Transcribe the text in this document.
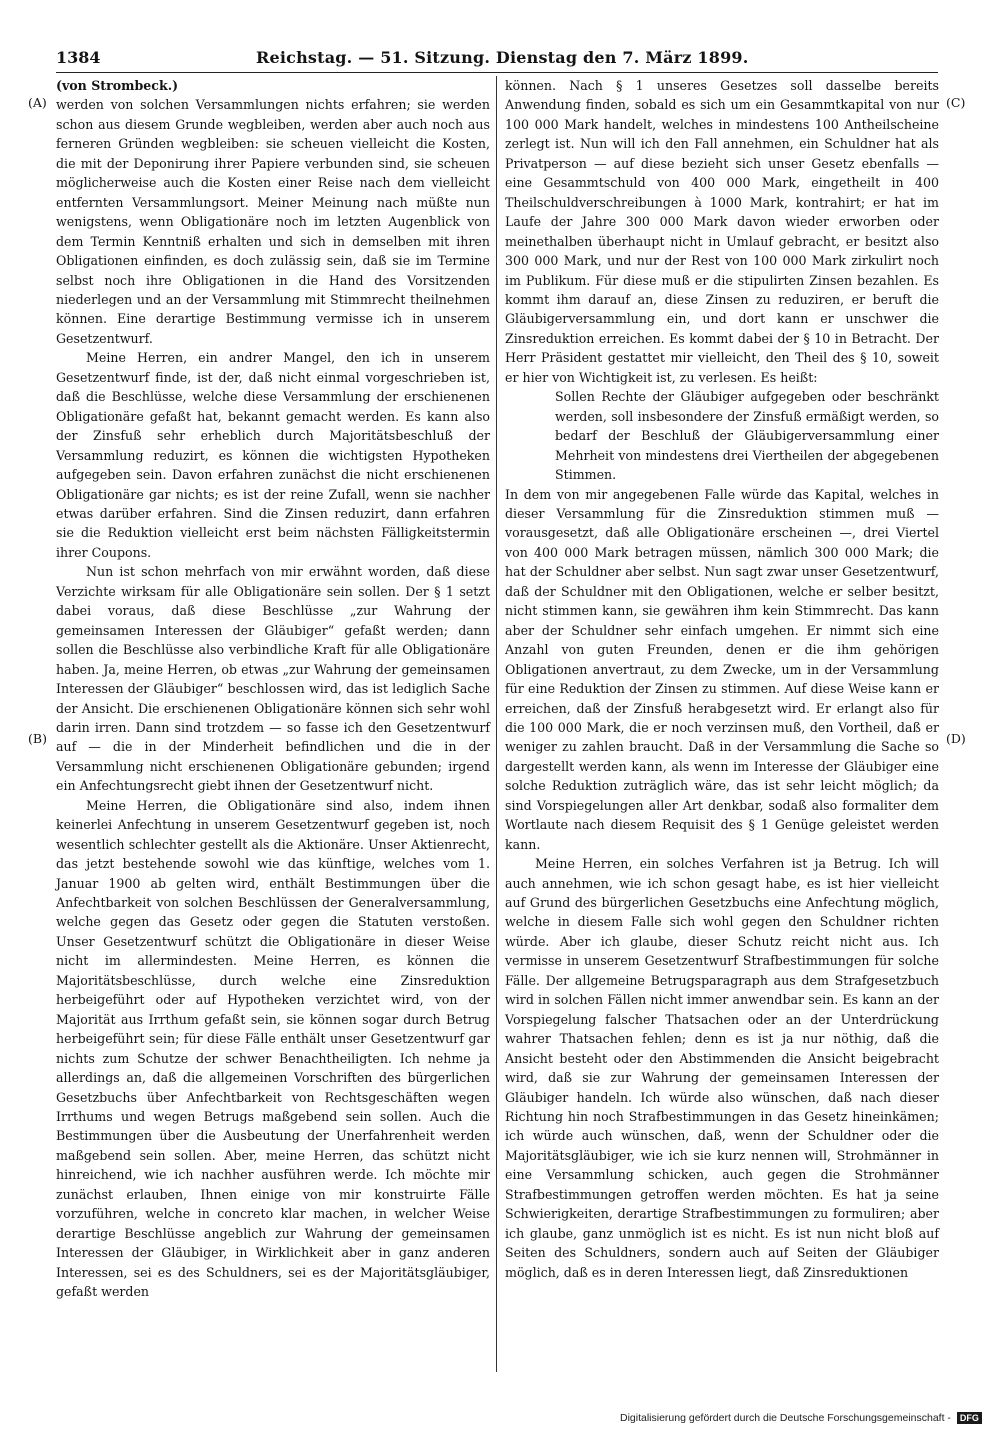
1384	Reichstag. — 51. Sitzung. Dienstag den 7. März 1899.
(A)
(B)
(C)
(D)

(von Strombeck.)

werden von solchen Versammlungen nichts erfahren; sie werden schon aus diesem Grunde wegbleiben, werden aber auch noch aus ferneren Gründen wegbleiben: sie scheuen vielleicht die Kosten, die mit der Deponirung ihrer Papiere verbunden sind, sie scheuen möglicherweise auch die Kosten einer Reise nach dem vielleicht entfernten Versammlungsort. Meiner Meinung nach müßte nun wenigstens, wenn Obligationäre noch im letzten Augenblick von dem Termin Kenntniß erhalten und sich in demselben mit ihren Obligationen einfinden, es doch zulässig sein, daß sie im Termine selbst noch ihre Obligationen in die Hand des Vorsitzenden niederlegen und an der Versammlung mit Stimmrecht theilnehmen können. Eine derartige Bestimmung vermisse ich in unserem Gesetzentwurf.

Meine Herren, ein andrer Mangel, den ich in unserem Gesetzentwurf finde, ist der, daß nicht einmal vorgeschrieben ist, daß die Beschlüsse, welche diese Versammlung der erschienenen Obligationäre gefaßt hat, bekannt gemacht werden. Es kann also der Zinsfuß sehr erheblich durch Majoritätsbeschluß der Versammlung reduzirt, es können die wichtigsten Hypotheken aufgegeben sein. Davon erfahren zunächst die nicht erschienenen Obligationäre gar nichts; es ist der reine Zufall, wenn sie nachher etwas darüber erfahren. Sind die Zinsen reduzirt, dann erfahren sie die Reduktion vielleicht erst beim nächsten Fälligkeitstermin ihrer Coupons.

Nun ist schon mehrfach von mir erwähnt worden, daß diese Verzichte wirksam für alle Obligationäre sein sollen. Der § 1 setzt dabei voraus, daß diese Beschlüsse „zur Wahrung der gemeinsamen Interessen der Gläubiger“ gefaßt werden; dann sollen die Beschlüsse also verbindliche Kraft für alle Obligationäre haben. Ja, meine Herren, ob etwas „zur Wahrung der gemeinsamen Interessen der Gläubiger“ beschlossen wird, das ist lediglich Sache der Ansicht. Die erschienenen Obligationäre können sich sehr wohl darin irren. Dann sind trotzdem — so fasse ich den Gesetzentwurf auf — die in der Minderheit befindlichen und die in der Versammlung nicht erschienenen Obligationäre gebunden; irgend ein Anfechtungsrecht giebt ihnen der Gesetzentwurf nicht.

Meine Herren, die Obligationäre sind also, indem ihnen keinerlei Anfechtung in unserem Gesetzentwurf gegeben ist, noch wesentlich schlechter gestellt als die Aktionäre. Unser Aktienrecht, das jetzt bestehende sowohl wie das künftige, welches vom 1. Januar 1900 ab gelten wird, enthält Bestimmungen über die Anfechtbarkeit von solchen Beschlüssen der Generalversammlung, welche gegen das Gesetz oder gegen die Statuten verstoßen. Unser Gesetzentwurf schützt die Obligationäre in dieser Weise nicht im allermindesten. Meine Herren, es können die Majoritätsbeschlüsse, durch welche eine Zinsreduktion herbeigeführt oder auf Hypotheken verzichtet wird, von der Majorität aus Irrthum gefaßt sein, sie können sogar durch Betrug herbeigeführt sein; für diese Fälle enthält unser Gesetzentwurf gar nichts zum Schutze der schwer Benachtheiligten. Ich nehme ja allerdings an, daß die allgemeinen Vorschriften des bürgerlichen Gesetzbuchs über Anfechtbarkeit von Rechtsgeschäften wegen Irrthums und wegen Betrugs maßgebend sein sollen. Auch die Bestimmungen über die Ausbeutung der Unerfahrenheit werden maßgebend sein sollen. Aber, meine Herren, das schützt nicht hinreichend, wie ich nachher ausführen werde. Ich möchte mir zunächst erlauben, Ihnen einige von mir konstruirte Fälle vorzuführen, welche in concreto klar machen, in welcher Weise derartige Beschlüsse angeblich zur Wahrung der gemeinsamen Interessen der Gläubiger, in Wirklichkeit aber in ganz anderen Interessen, sei es des Schuldners, sei es der Majoritätsgläubiger, gefaßt werden

können. Nach § 1 unseres Gesetzes soll dasselbe bereits Anwendung finden, sobald es sich um ein Gesammtkapital von nur 100 000 Mark handelt, welches in mindestens 100 Antheilscheine zerlegt ist. Nun will ich den Fall annehmen, ein Schuldner hat als Privatperson — auf diese bezieht sich unser Gesetz ebenfalls — eine Gesammtschuld von 400 000 Mark, eingetheilt in 400 Theilschuldverschreibungen à 1000 Mark, kontrahirt; er hat im Laufe der Jahre 300 000 Mark davon wieder erworben oder meinethalben überhaupt nicht in Umlauf gebracht, er besitzt also 300 000 Mark, und nur der Rest von 100 000 Mark zirkulirt noch im Publikum. Für diese muß er die stipulirten Zinsen bezahlen. Es kommt ihm darauf an, diese Zinsen zu reduziren, er beruft die Gläubigerversammlung ein, und dort kann er unschwer die Zinsreduktion erreichen. Es kommt dabei der § 10 in Betracht. Der Herr Präsident gestattet mir vielleicht, den Theil des § 10, soweit er hier von Wichtigkeit ist, zu verlesen. Es heißt:

Sollen Rechte der Gläubiger aufgegeben oder beschränkt werden, soll insbesondere der Zinsfuß ermäßigt werden, so bedarf der Beschluß der Gläubigerversammlung einer Mehrheit von mindestens drei Viertheilen der abgegebenen Stimmen.

In dem von mir angegebenen Falle würde das Kapital, welches in dieser Versammlung für die Zinsreduktion stimmen muß — vorausgesetzt, daß alle Obligationäre erscheinen —, drei Viertel von 400 000 Mark betragen müssen, nämlich 300 000 Mark; die hat der Schuldner aber selbst. Nun sagt zwar unser Gesetzentwurf, daß der Schuldner mit den Obligationen, welche er selber besitzt, nicht stimmen kann, sie gewähren ihm kein Stimmrecht. Das kann aber der Schuldner sehr einfach umgehen. Er nimmt sich eine Anzahl von guten Freunden, denen er die ihm gehörigen Obligationen anvertraut, zu dem Zwecke, um in der Versammlung für eine Reduktion der Zinsen zu stimmen. Auf diese Weise kann er erreichen, daß der Zinsfuß herabgesetzt wird. Er erlangt also für die 100 000 Mark, die er noch verzinsen muß, den Vortheil, daß er weniger zu zahlen braucht. Daß in der Versammlung die Sache so dargestellt werden kann, als wenn im Interesse der Gläubiger eine solche Reduktion zuträglich wäre, das ist sehr leicht möglich; da sind Vorspiegelungen aller Art denkbar, sodaß also formaliter dem Wortlaute nach diesem Requisit des § 1 Genüge geleistet werden kann.

Meine Herren, ein solches Verfahren ist ja Betrug. Ich will auch annehmen, wie ich schon gesagt habe, es ist hier vielleicht auf Grund des bürgerlichen Gesetzbuchs eine Anfechtung möglich, welche in diesem Falle sich wohl gegen den Schuldner richten würde. Aber ich glaube, dieser Schutz reicht nicht aus. Ich vermisse in unserem Gesetzentwurf Strafbestimmungen für solche Fälle. Der allgemeine Betrugsparagraph aus dem Strafgesetzbuch wird in solchen Fällen nicht immer anwendbar sein. Es kann an der Vorspiegelung falscher Thatsachen oder an der Unterdrückung wahrer Thatsachen fehlen; denn es ist ja nur nöthig, daß die Ansicht besteht oder den Abstimmenden die Ansicht beigebracht wird, daß sie zur Wahrung der gemeinsamen Interessen der Gläubiger handeln. Ich würde also wünschen, daß nach dieser Richtung hin noch Strafbestimmungen in das Gesetz hineinkämen; ich würde auch wünschen, daß, wenn der Schuldner oder die Majoritätsgläubiger, wie ich sie kurz nennen will, Strohmänner in eine Versammlung schicken, auch gegen die Strohmänner Strafbestimmungen getroffen werden möchten. Es hat ja seine Schwierigkeiten, derartige Strafbestimmungen zu formuliren; aber ich glaube, ganz unmöglich ist es nicht. Es ist nun nicht bloß auf Seiten des Schuldners, sondern auch auf Seiten der Gläubiger möglich, daß es in deren Interessen liegt, daß Zinsreduktionen

Digitalisierung gefördert durch die Deutsche Forschungsgemeinschaft - DFG
